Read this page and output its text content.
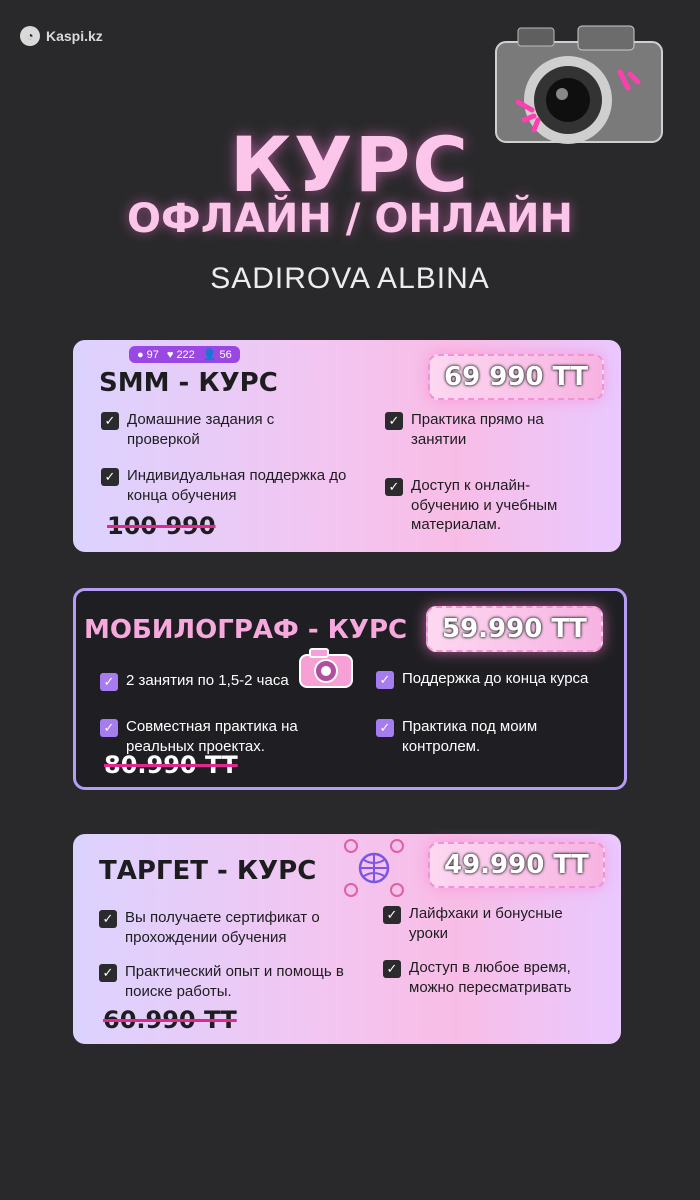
◔ Kaspi.kz
КУРС
ОФЛАЙН / ОНЛАЙН
SADIROVA ALBINA
● 97 ♥ 222 👤 56
SMM - КУРС
100 990
✓ Домашние задания с проверкой
✓ Практика прямо на занятии
✓ Индивидуальная поддержка до конца обучения
✓ Доступ к онлайн-обучению и учебным материалам.
69 990 ТТ
МОБИЛОГРАФ - КУРС
80.990 ТТ
✓ 2 занятия по 1,5-2 часа	✓ Поддержка до конца курса
✓ Совместная практика на реaльных проектах.
✓ Практика под моим контролем.
59.990 ТТ
ТАРГЕТ - КУРС
60.990 ТТ
✓ Вы получаете сертификат о прохождении обучения
✓ Лайфхаки и бонусные уроки
✓ Практический опыт и помощь в поиске работы.
✓ Доступ в любое время, можно пересматривать
49.990 ТТ
